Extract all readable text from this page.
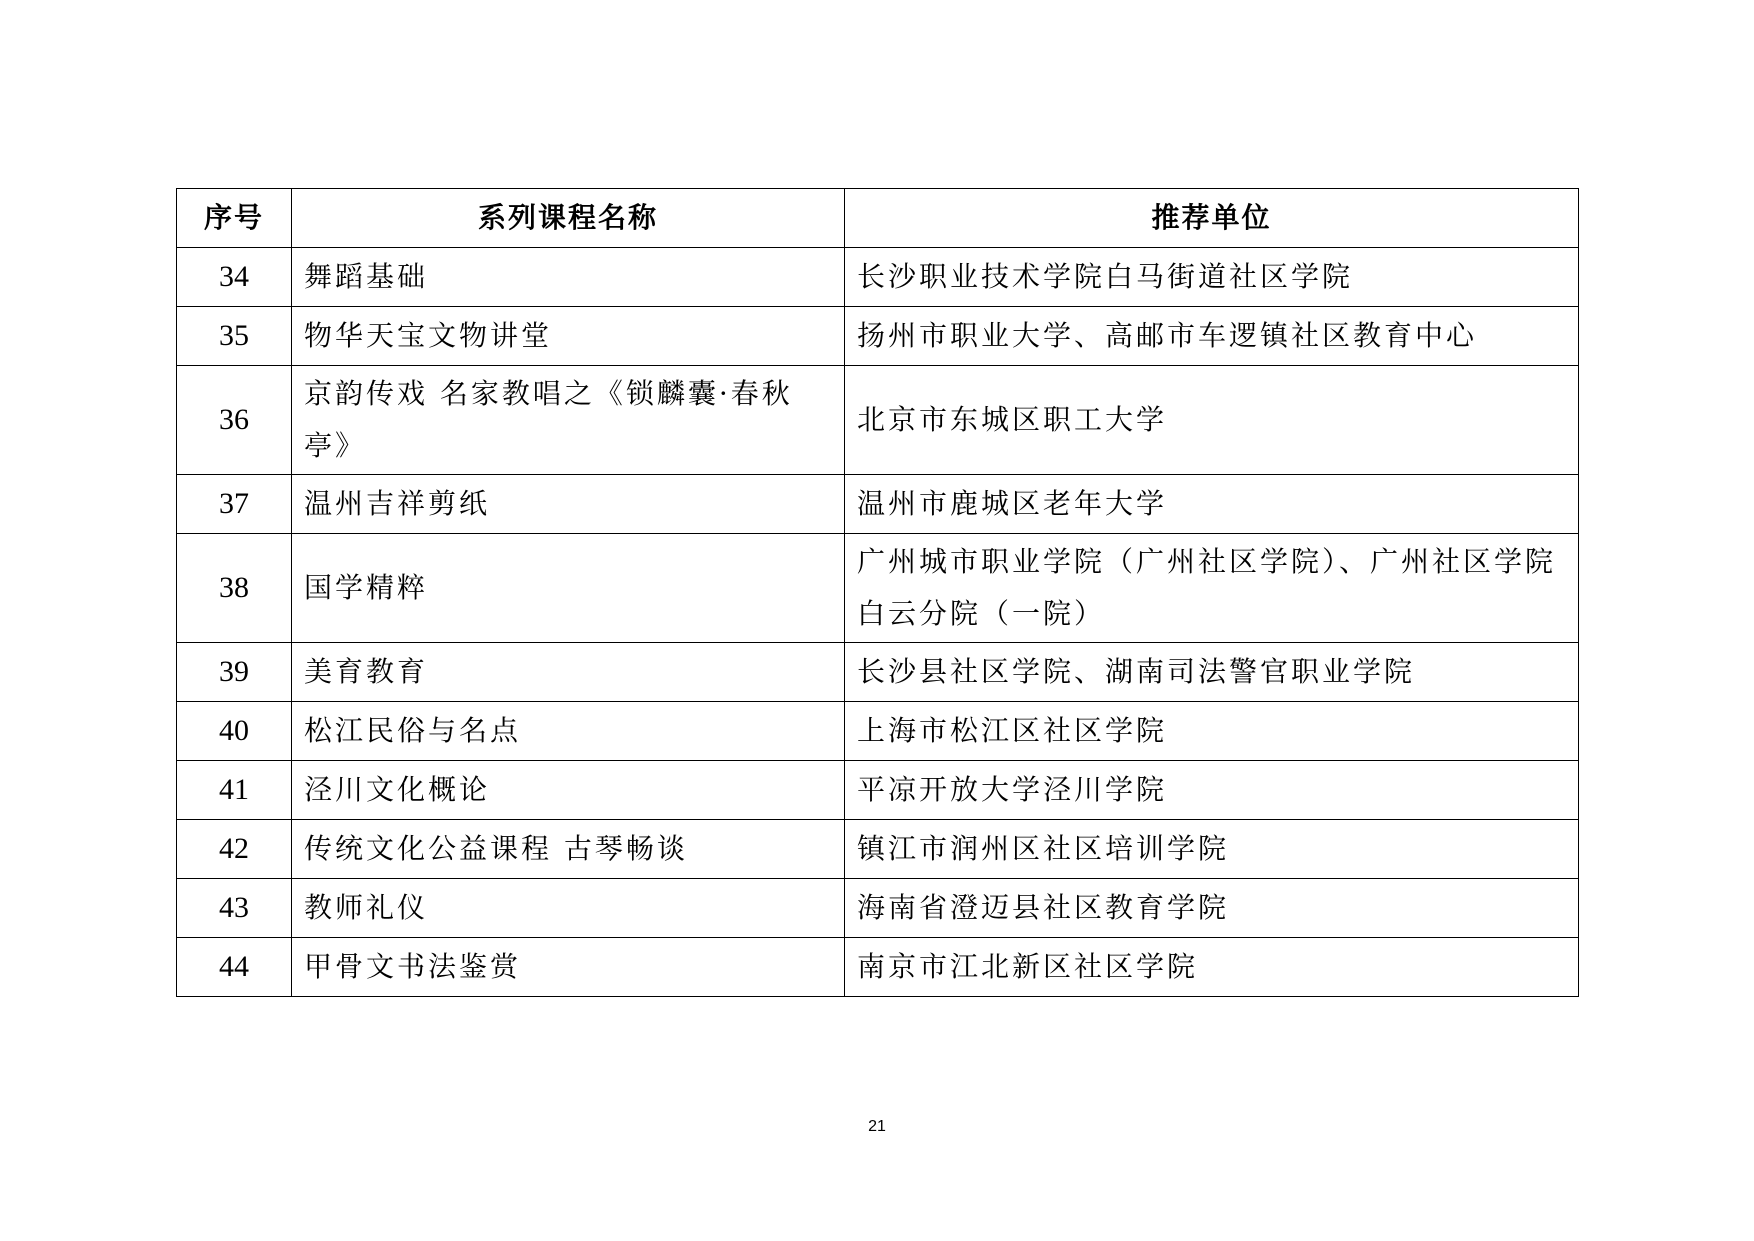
序号	系列课程名称	推荐单位
34	舞蹈基础	长沙职业技术学院白马街道社区学院
35	物华天宝文物讲堂	扬州市职业大学、高邮市车逻镇社区教育中心
36	京韵传戏 名家教唱之《锁麟囊·春秋亭》	北京市东城区职工大学
37	温州吉祥剪纸	温州市鹿城区老年大学
38	国学精粹	广州城市职业学院（广州社区学院）、广州社区学院白云分院（一院）
39	美育教育	长沙县社区学院、湖南司法警官职业学院
40	松江民俗与名点	上海市松江区社区学院
41	泾川文化概论	平凉开放大学泾川学院
42	传统文化公益课程 古琴畅谈	镇江市润州区社区培训学院
43	教师礼仪	海南省澄迈县社区教育学院
44	甲骨文书法鉴赏	南京市江北新区社区学院
21
